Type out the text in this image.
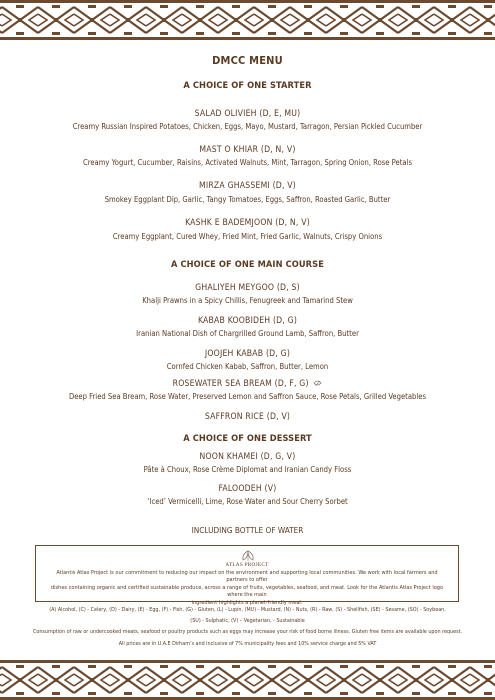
DMCC MENU
A CHOICE OF ONE STARTER
SALAD OLIVIEH (D, E, MU)
Creamy Russian Inspired Potatoes, Chicken, Eggs, Mayo, Mustard, Tarragon, Persian Pickled Cucumber
MAST O KHIAR (D, N, V)
Creamy Yogurt, Cucumber, Raisins, Activated Walnuts, Mint, Tarragon, Spring Onion, Rose Petals
MIRZA GHASSEMI (D, V)
Smokey Eggplant Dip, Garlic, Tangy Tomatoes, Eggs, Saffron, Roasted Garlic, Butter
KASHK E BADEMJOON (D, N, V)
Creamy Eggplant, Cured Whey, Fried Mint, Fried Garlic, Walnuts, Crispy Onions
A CHOICE OF ONE MAIN COURSE
GHALIYEH MEYGOO (D, S)
Khalji Prawns in a Spicy Chillis, Fenugreek and Tamarind Stew
KABAB KOOBIDEH (D, G)
Iranian National Dish of Chargrilled Ground Lamb, Saffron, Butter
JOOJEH KABAB (D, G)
Cornfed Chicken Kabab, Saffron, Butter, Lemon
ROSEWATER SEA BREAM (D, F, G)
Deep Fried Sea Bream, Rose Water, Preserved Lemon and Saffron Sauce, Rose Petals, Grilled Vegetables
SAFFRON RICE (D, V)
A CHOICE OF ONE DESSERT
NOON KHAMEI (D, G, V)
Pâte à Choux, Rose Crème Diplomat and Iranian Candy Floss
FALOODEH (V)
‘Iced’ Vermicelli, Lime, Rose Water and Sour Cherry Sorbet
INCLUDING BOTTLE OF WATER
ATLAS PROJECT
Atlantis Atlas Project is our commitment to reducing our impact on the environment and supporting local communities. We work with local farmers and partners to offer
dishes containing organic and certified sustainable produce, across a range of fruits, vegetables, seafood, and meat. Look for the Atlantis Atlas Project logo where the main
ingredient highlights a planet-friendly meal.
(A) Alcohol, (C) - Celery, (D) - Dairy, (E) - Egg, (F) - Fish, (G) - Gluten, (L) - Lupin, (MU) - Mustard, (N) - Nuts, (R) - Raw, (S) - Shellfish, (SE) - Sesame, (SO) - Soybean,
(SU) - Sulphatic, (V) – Vegetarian, - Sustainable
Consumption of raw or undercooked meats, seafood or poultry products such as eggs may increase your risk of food borne illness. Gluten free items are available upon request.
All prices are in U.A.E Dirham’s and inclusive of 7% municipality fees and 10% service charge and 5% VAT
